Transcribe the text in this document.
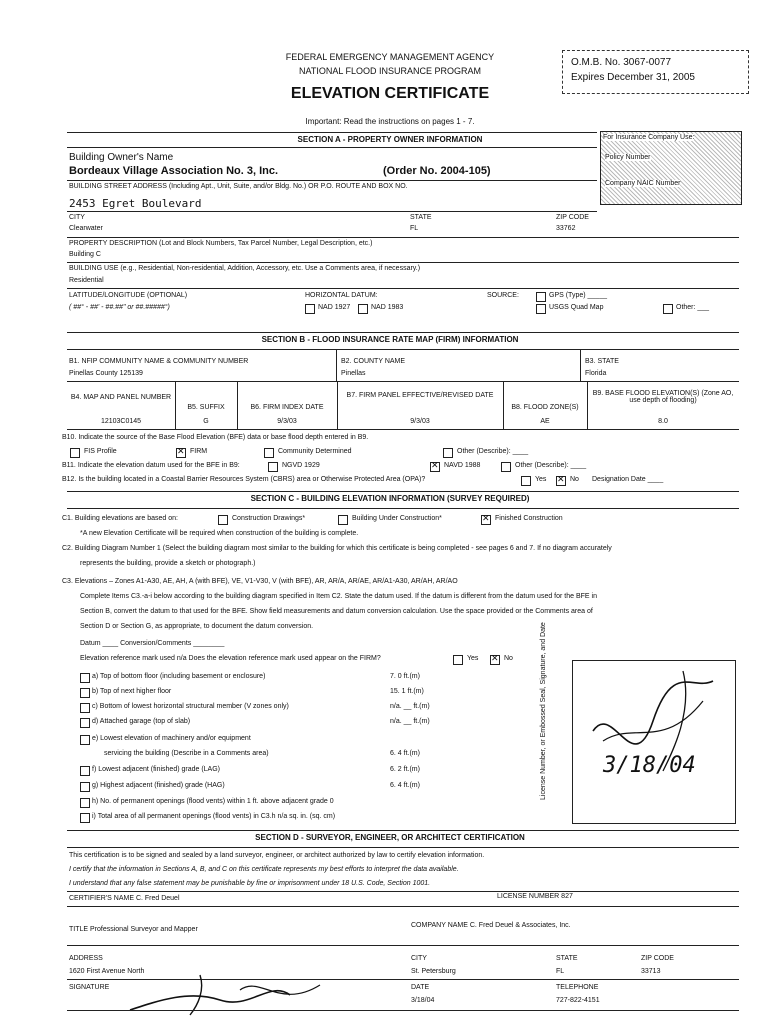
FEDERAL EMERGENCY MANAGEMENT AGENCY
NATIONAL FLOOD INSURANCE PROGRAM
ELEVATION CERTIFICATE
Important: Read the instructions on pages 1 - 7.
O.M.B. No. 3067-0077
Expires December 31, 2005
For Insurance Company Use:
Policy Number
Company NAIC Number
SECTION A - PROPERTY OWNER INFORMATION
Building Owner's Name
Bordeaux Village Association No. 3, Inc.	(Order No. 2004-105)
BUILDING STREET ADDRESS (Including Apt., Unit, Suite, and/or Bldg. No.) OR P.O. ROUTE AND BOX NO.
2453 Egret Boulevard
CITY
Clearwater
STATE
FL
ZIP CODE
33762
PROPERTY DESCRIPTION (Lot and Block Numbers, Tax Parcel Number, Legal Description, etc.)
Building C
BUILDING USE (e.g., Residential, Non-residential, Addition, Accessory, etc. Use a Comments area, if necessary.)
Residential
LATITUDE/LONGITUDE (OPTIONAL)
( ##° - ##' - ##.##" or ##.#####°)
HORIZONTAL DATUM:
NAD 1927	NAD 1983
SOURCE:	GPS (Type) _____
USGS Quad Map	Other: ___
SECTION B - FLOOD INSURANCE RATE MAP (FIRM) INFORMATION
B1. NFIP COMMUNITY NAME & COMMUNITY NUMBER
Pinellas County 125139
B2. COUNTY NAME
Pinellas
B3. STATE
Florida
B4. MAP AND PANEL NUMBER
12103C0145
B5. SUFFIX
G
B6. FIRM INDEX DATE
9/3/03
B7. FIRM PANEL EFFECTIVE/REVISED DATE
9/3/03
B8. FLOOD ZONE(S)
AE
B9. BASE FLOOD ELEVATION(S) (Zone AO, use depth of flooding)
8.0
B10. Indicate the source of the Base Flood Elevation (BFE) data or base flood depth entered in B9.
FIS Profile	✕ FIRM	Community Determined	Other (Describe): ____
B11. Indicate the elevation datum used for the BFE in B9:	NGVD 1929	✕ NAVD 1988	Other (Describe): ____
B12. Is the building located in a Coastal Barrier Resources System (CBRS) area or Otherwise Protected Area (OPA)?	Yes ✕ No Designation Date ____
SECTION C - BUILDING ELEVATION INFORMATION (SURVEY REQUIRED)
C1. Building elevations are based on:	Construction Drawings*	Building Under Construction*	✕ Finished Construction
*A new Elevation Certificate will be required when construction of the building is complete.
C2. Building Diagram Number 1 (Select the building diagram most similar to the building for which this certificate is being completed - see pages 6 and 7. If no diagram accurately
represents the building, provide a sketch or photograph.)
C3. Elevations – Zones A1-A30, AE, AH, A (with BFE), VE, V1-V30, V (with BFE), AR, AR/A, AR/AE, AR/A1-A30, AR/AH, AR/AO
Complete Items C3.-a-i below according to the building diagram specified in Item C2. State the datum used. If the datum is different from the datum used for the BFE in
Section B, convert the datum to that used for the BFE. Show field measurements and datum conversion calculation. Use the space provided or the Comments area of
Section D or Section G, as appropriate, to document the datum conversion.
Datum ____ Conversion/Comments ________
Elevation reference mark used n/a Does the elevation reference mark used appear on the FIRM?	Yes ✕ No
a) Top of bottom floor (including basement or enclosure)	7. 0 ft.(m)
b) Top of next higher floor	15. 1 ft.(m)
c) Bottom of lowest horizontal structural member (V zones only)	n/a. __ ft.(m)
d) Attached garage (top of slab)	n/a. __ ft.(m)
e) Lowest elevation of machinery and/or equipment
servicing the building (Describe in a Comments area)	6. 4 ft.(m)
f) Lowest adjacent (finished) grade (LAG)	6. 2 ft.(m)
g) Highest adjacent (finished) grade (HAG)	6. 4 ft.(m)
h) No. of permanent openings (flood vents) within 1 ft. above adjacent grade 0
i) Total area of all permanent openings (flood vents) in C3.h n/a sq. in. (sq. cm)
License Number, or Embossed Seal, Signature, and Date	3/18/04
SECTION D - SURVEYOR, ENGINEER, OR ARCHITECT CERTIFICATION
This certification is to be signed and sealed by a land surveyor, engineer, or architect authorized by law to certify elevation information.
I certify that the information in Sections A, B, and C on this certificate represents my best efforts to interpret the data available.
I understand that any false statement may be punishable by fine or imprisonment under 18 U.S. Code, Section 1001.
CERTIFIER'S NAME C. Fred Deuel	LICENSE NUMBER 827
TITLE Professional Surveyor and Mapper
COMPANY NAME C. Fred Deuel & Associates, Inc.
ADDRESS
1620 First Avenue North
CITY
St. Petersburg
STATE
FL
ZIP CODE
33713
SIGNATURE	DATE
3/18/04
TELEPHONE
727-822-4151
